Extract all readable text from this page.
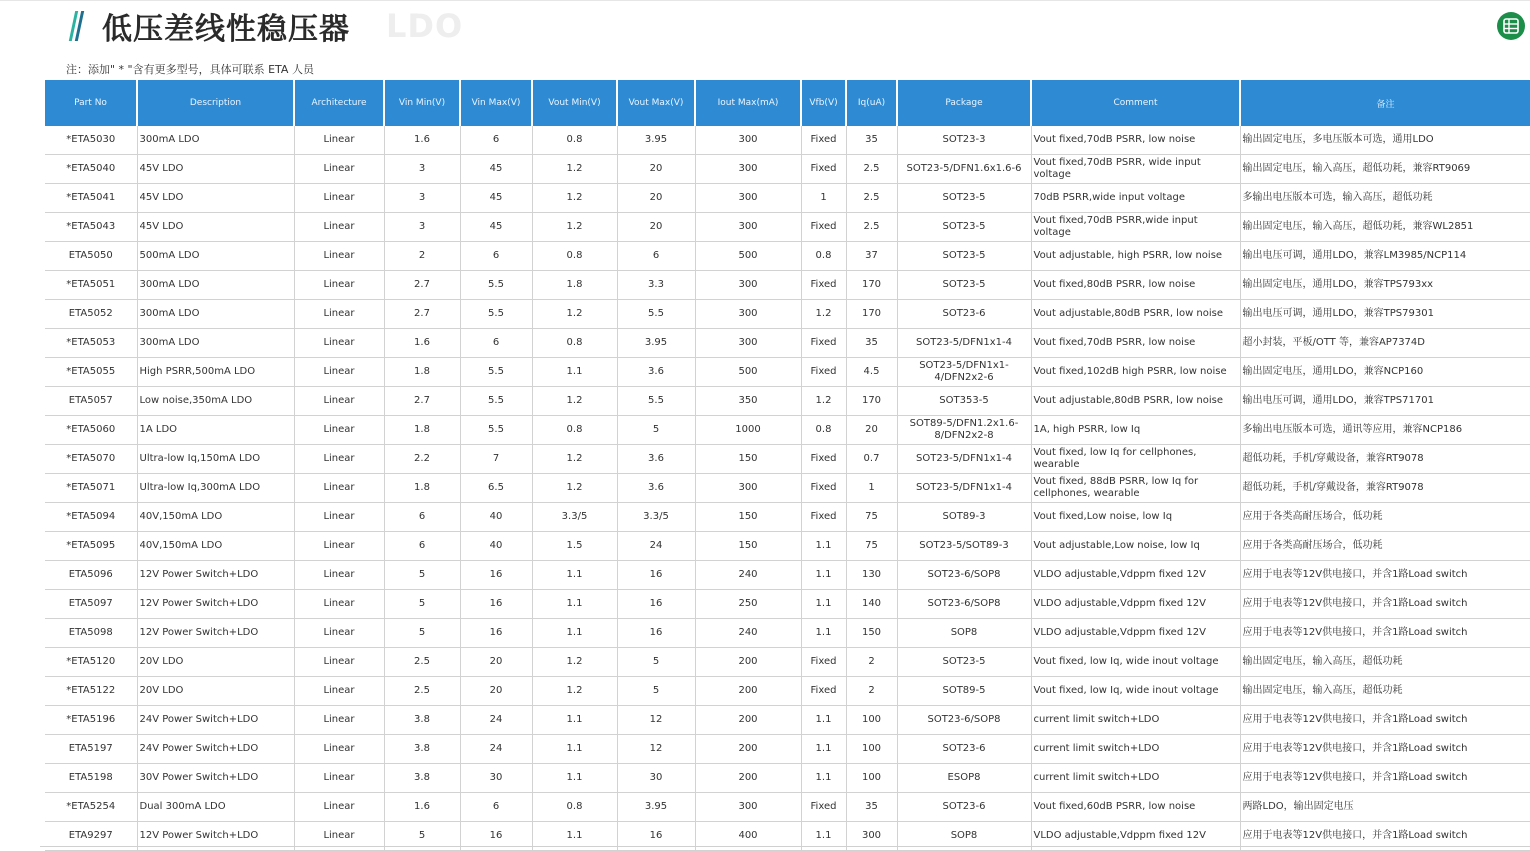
低压差线性稳压器 LDO
注：添加" * "含有更多型号，具体可联系 ETA 人员
Part No	Description	Architecture	Vin Min(V)	Vin Max(V)	Vout Min(V)	Vout Max(V)	Iout Max(mA)	Vfb(V)	Iq(uA)	Package	Comment	备注
*ETA5030	300mA LDO	Linear	1.6	6	0.8	3.95	300	Fixed	35	SOT23-3	Vout fixed,70dB PSRR, low noise	输出固定电压，多电压版本可选，通用LDO
*ETA5040	45V LDO	Linear	3	45	1.2	20	300	Fixed	2.5	SOT23-5/DFN1.6x1.6-6	Vout fixed,70dB PSRR, wide input voltage	输出固定电压，输入高压，超低功耗，兼容RT9069
*ETA5041	45V LDO	Linear	3	45	1.2	20	300	1	2.5	SOT23-5	70dB PSRR,wide input voltage	多输出电压版本可选，输入高压，超低功耗
*ETA5043	45V LDO	Linear	3	45	1.2	20	300	Fixed	2.5	SOT23-5	Vout fixed,70dB PSRR,wide input voltage	输出固定电压，输入高压，超低功耗，兼容WL2851
ETA5050	500mA LDO	Linear	2	6	0.8	6	500	0.8	37	SOT23-5	Vout adjustable, high PSRR, low noise	输出电压可调，通用LDO，兼容LM3985/NCP114
*ETA5051	300mA LDO	Linear	2.7	5.5	1.8	3.3	300	Fixed	170	SOT23-5	Vout fixed,80dB PSRR, low noise	输出固定电压，通用LDO，兼容TPS793xx
ETA5052	300mA LDO	Linear	2.7	5.5	1.2	5.5	300	1.2	170	SOT23-6	Vout adjustable,80dB PSRR, low noise	输出电压可调，通用LDO，兼容TPS79301
*ETA5053	300mA LDO	Linear	1.6	6	0.8	3.95	300	Fixed	35	SOT23-5/DFN1x1-4	Vout fixed,70dB PSRR, low noise	超小封装，平板/OTT 等，兼容AP7374D
*ETA5055	High PSRR,500mA LDO	Linear	1.8	5.5	1.1	3.6	500	Fixed	4.5	SOT23-5/DFN1x1-4/DFN2x2-6	Vout fixed,102dB high PSRR, low noise	输出固定电压，通用LDO，兼容NCP160
ETA5057	Low noise,350mA LDO	Linear	2.7	5.5	1.2	5.5	350	1.2	170	SOT353-5	Vout adjustable,80dB PSRR, low noise	输出电压可调，通用LDO，兼容TPS71701
*ETA5060	1A LDO	Linear	1.8	5.5	0.8	5	1000	0.8	20	SOT89-5/DFN1.2x1.6-8/DFN2x2-8	1A, high PSRR, low Iq	多输出电压版本可选，通讯等应用，兼容NCP186
*ETA5070	Ultra-low Iq,150mA LDO	Linear	2.2	7	1.2	3.6	150	Fixed	0.7	SOT23-5/DFN1x1-4	Vout fixed, low Iq for cellphones, wearable	超低功耗，手机/穿戴设备，兼容RT9078
*ETA5071	Ultra-low Iq,300mA LDO	Linear	1.8	6.5	1.2	3.6	300	Fixed	1	SOT23-5/DFN1x1-4	Vout fixed, 88dB PSRR, low Iq for cellphones, wearable	超低功耗，手机/穿戴设备，兼容RT9078
*ETA5094	40V,150mA LDO	Linear	6	40	3.3/5	3.3/5	150	Fixed	75	SOT89-3	Vout fixed,Low noise, low Iq	应用于各类高耐压场合，低功耗
*ETA5095	40V,150mA LDO	Linear	6	40	1.5	24	150	1.1	75	SOT23-5/SOT89-3	Vout adjustable,Low noise, low Iq	应用于各类高耐压场合，低功耗
ETA5096	12V Power Switch+LDO	Linear	5	16	1.1	16	240	1.1	130	SOT23-6/SOP8	VLDO adjustable,Vdppm fixed 12V	应用于电表等12V供电接口，并含1路Load switch
ETA5097	12V Power Switch+LDO	Linear	5	16	1.1	16	250	1.1	140	SOT23-6/SOP8	VLDO adjustable,Vdppm fixed 12V	应用于电表等12V供电接口，并含1路Load switch
ETA5098	12V Power Switch+LDO	Linear	5	16	1.1	16	240	1.1	150	SOP8	VLDO adjustable,Vdppm fixed 12V	应用于电表等12V供电接口，并含1路Load switch
*ETA5120	20V LDO	Linear	2.5	20	1.2	5	200	Fixed	2	SOT23-5	Vout fixed, low Iq, wide inout voltage	输出固定电压，输入高压，超低功耗
*ETA5122	20V LDO	Linear	2.5	20	1.2	5	200	Fixed	2	SOT89-5	Vout fixed, low Iq, wide inout voltage	输出固定电压，输入高压，超低功耗
*ETA5196	24V Power Switch+LDO	Linear	3.8	24	1.1	12	200	1.1	100	SOT23-6/SOP8	current limit switch+LDO	应用于电表等12V供电接口，并含1路Load switch
ETA5197	24V Power Switch+LDO	Linear	3.8	24	1.1	12	200	1.1	100	SOT23-6	current limit switch+LDO	应用于电表等12V供电接口，并含1路Load switch
ETA5198	30V Power Switch+LDO	Linear	3.8	30	1.1	30	200	1.1	100	ESOP8	current limit switch+LDO	应用于电表等12V供电接口，并含1路Load switch
*ETA5254	Dual 300mA LDO	Linear	1.6	6	0.8	3.95	300	Fixed	35	SOT23-6	Vout fixed,60dB PSRR, low noise	两路LDO，输出固定电压
ETA9297	12V Power Switch+LDO	Linear	5	16	1.1	16	400	1.1	300	SOP8	VLDO adjustable,Vdppm fixed 12V	应用于电表等12V供电接口，并含1路Load switch
